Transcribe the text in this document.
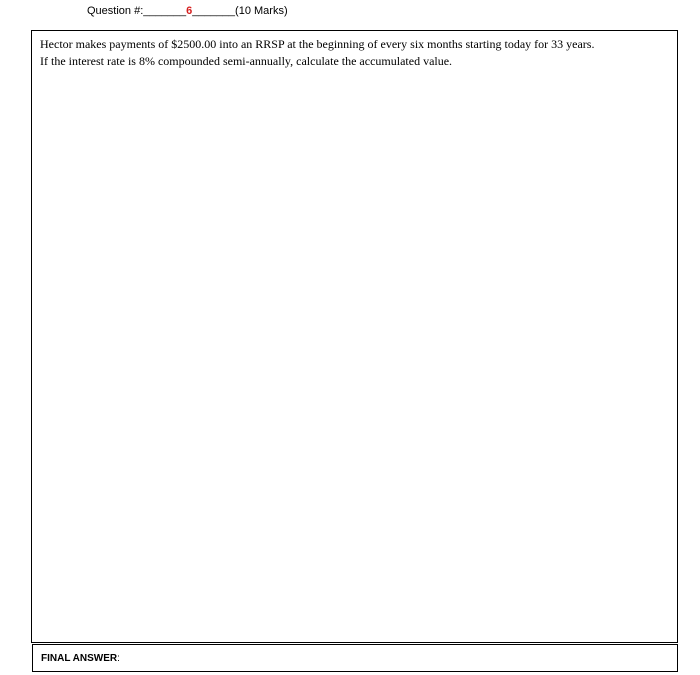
Question #:_______6_______(10 Marks)

Hector makes payments of $2500.00 into an RRSP at the beginning of every six months starting today for 33 years.
If the interest rate is 8% compounded semi-annually, calculate the accumulated value.

FINAL ANSWER:
